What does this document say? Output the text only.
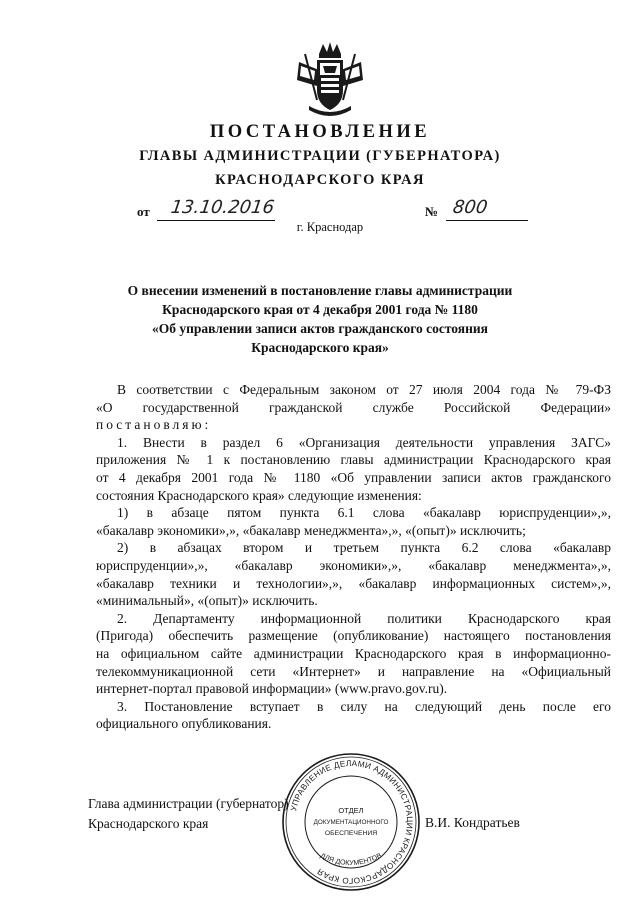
ПОСТАНОВЛЕНИЕ
ГЛАВЫ АДМИНИСТРАЦИИ (ГУБЕРНАТОРА)
КРАСНОДАРСКОГО КРАЯ
от 13.10.2016	№ 800
г. Краснодар
О внесении изменений в постановление главы администрации
Краснодарского края от 4 декабря 2001 года № 1180
«Об управлении записи актов гражданского состояния
Краснодарского края»
В соответствии с Федеральным законом от 27 июля 2004 года № 79-ФЗ
«О государственной гражданской службе Российской Федерации»
постановляю:
1. Внести в раздел 6 «Организация деятельности управления ЗАГС»
приложения № 1 к постановлению главы администрации Краснодарского края
от 4 декабря 2001 года № 1180 «Об управлении записи актов гражданского
состояния Краснодарского края» следующие изменения:
1) в абзаце пятом пункта 6.1 слова «бакалавр юриспруденции»,»,
«бакалавр экономики»,», «бакалавр менеджмента»,», «(опыт)» исключить;
2) в абзацах втором и третьем пункта 6.2 слова «бакалавр
юриспруденции»,», «бакалавр экономики»,», «бакалавр менеджмента»,»,
«бакалавр техники и технологии»,», «бакалавр информационных систем»,»,
«минимальный», «(опыт)» исключить.
2. Департаменту информационной политики Краснодарского края
(Пригода) обеспечить размещение (опубликование) настоящего постановления
на официальном сайте администрации Краснодарского края в информационно-
телекоммуникационной сети «Интернет» и направление на «Официальный
интернет-портал правовой информации» (www.pravo.gov.ru).
3. Постановление вступает в силу на следующий день после его
официального опубликования.
Глава администрации (губернатор)
Краснодарского края	В.И. Кондратьев
УПРАВЛЕНИЕ ДЕЛАМИ АДМИНИСТРАЦИИ КРАСНОДАРСКОГО КРАЯ
ДЛЯ ДОКУМЕНТОВ
ОТДЕЛ
ДОКУМЕНТАЦИОННОГО
ОБЕСПЕЧЕНИЯ
